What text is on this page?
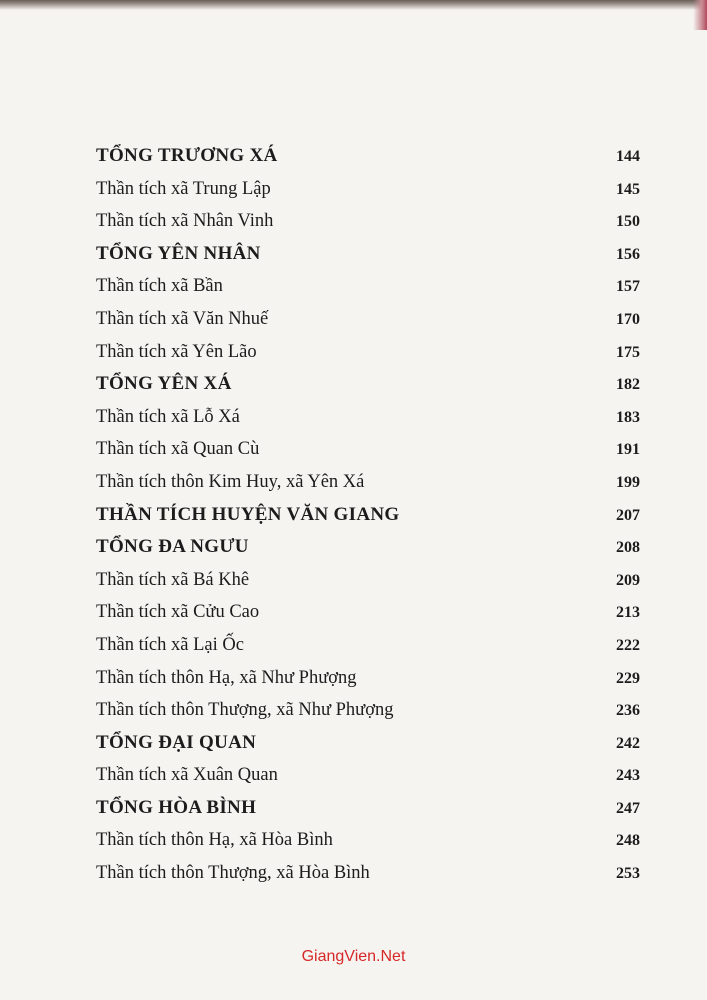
TỔNG TRƯƠNG XÁ	144
Thần tích xã Trung Lập	145
Thần tích xã Nhân Vinh	150
TỔNG YÊN NHÂN	156
Thần tích xã Bần	157
Thần tích xã Văn Nhuế	170
Thần tích xã Yên Lão	175
TỔNG YÊN XÁ	182
Thần tích xã Lỗ Xá	183
Thần tích xã Quan Cù	191
Thần tích thôn Kim Huy, xã Yên Xá	199
THẦN TÍCH HUYỆN VĂN GIANG	207
TỔNG ĐA NGƯU	208
Thần tích xã Bá Khê	209
Thần tích xã Cửu Cao	213
Thần tích xã Lại Ốc	222
Thần tích thôn Hạ, xã Như Phượng	229
Thần tích thôn Thượng, xã Như Phượng	236
TỔNG ĐẠI QUAN	242
Thần tích xã Xuân Quan	243
TỔNG HÒA BÌNH	247
Thần tích thôn Hạ, xã Hòa Bình	248
Thần tích thôn Thượng, xã Hòa Bình	253
GiangVien.Net
